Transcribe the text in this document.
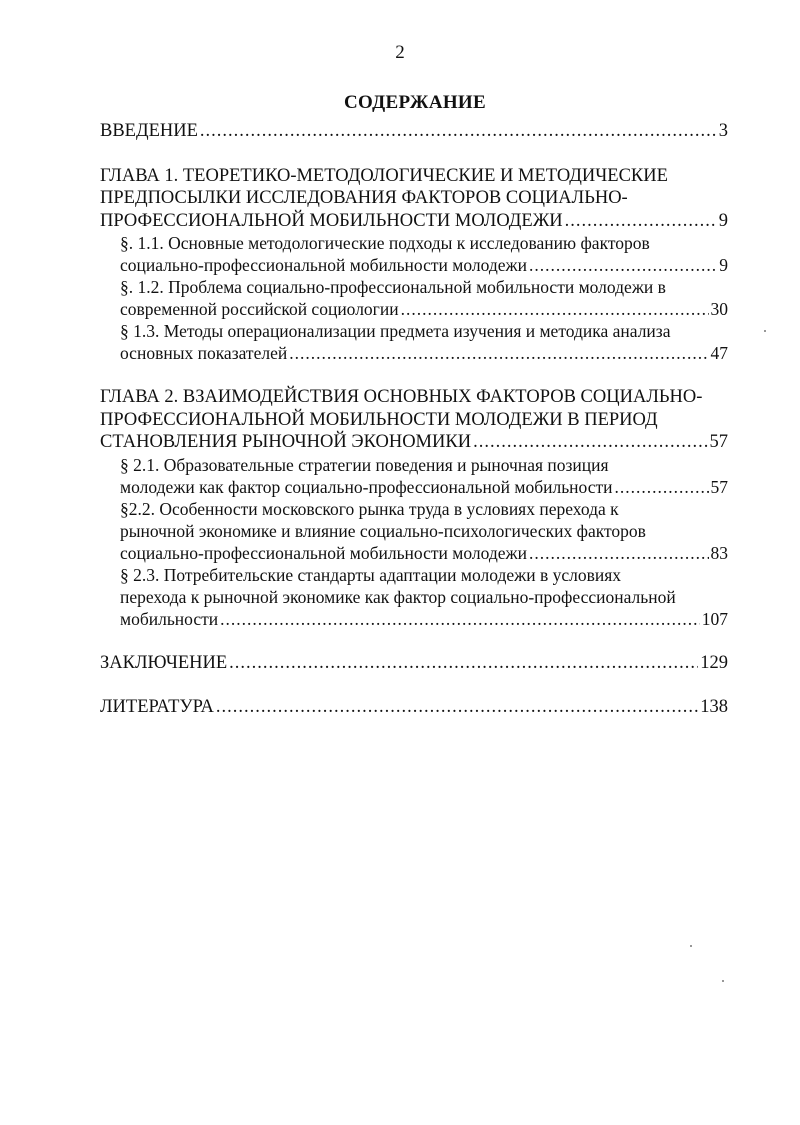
2
СОДЕРЖАНИЕ
ВВЕДЕНИЕ .....	3
ГЛАВА 1. ТЕОРЕТИКО-МЕТОДОЛОГИЧЕСКИЕ И МЕТОДИЧЕСКИЕ
ПРЕДПОСЫЛКИ ИССЛЕДОВАНИЯ ФАКТОРОВ СОЦИАЛЬНО-
ПРОФЕССИОНАЛЬНОЙ МОБИЛЬНОСТИ МОЛОДЕЖИ .....	9
§. 1.1. Основные методологические подходы к исследованию факторов
социально-профессиональной мобильности молодежи .....	9
§. 1.2. Проблема социально-профессиональной мобильности молодежи в
современной российской социологии .....	30
§ 1.3. Методы операционализации предмета изучения и методика анализа
основных показателей .....	47
ГЛАВА 2. ВЗАИМОДЕЙСТВИЯ ОСНОВНЫХ ФАКТОРОВ СОЦИАЛЬНО-
ПРОФЕССИОНАЛЬНОЙ МОБИЛЬНОСТИ МОЛОДЕЖИ В ПЕРИОД
СТАНОВЛЕНИЯ РЫНОЧНОЙ ЭКОНОМИКИ .....	57
§ 2.1. Образовательные стратегии поведения и рыночная позиция
молодежи как фактор социально-профессиональной мобильности .....	57
§2.2. Особенности московского рынка труда в условиях перехода к
рыночной экономике и влияние социально-психологических факторов
социально-профессиональной мобильности молодежи .....	83
§ 2.3. Потребительские стандарты адаптации молодежи в условиях
перехода к рыночной экономике как фактор социально-профессиональной
мобильности .....	107
ЗАКЛЮЧЕНИЕ .....	129
ЛИТЕРАТУРА .....	138
